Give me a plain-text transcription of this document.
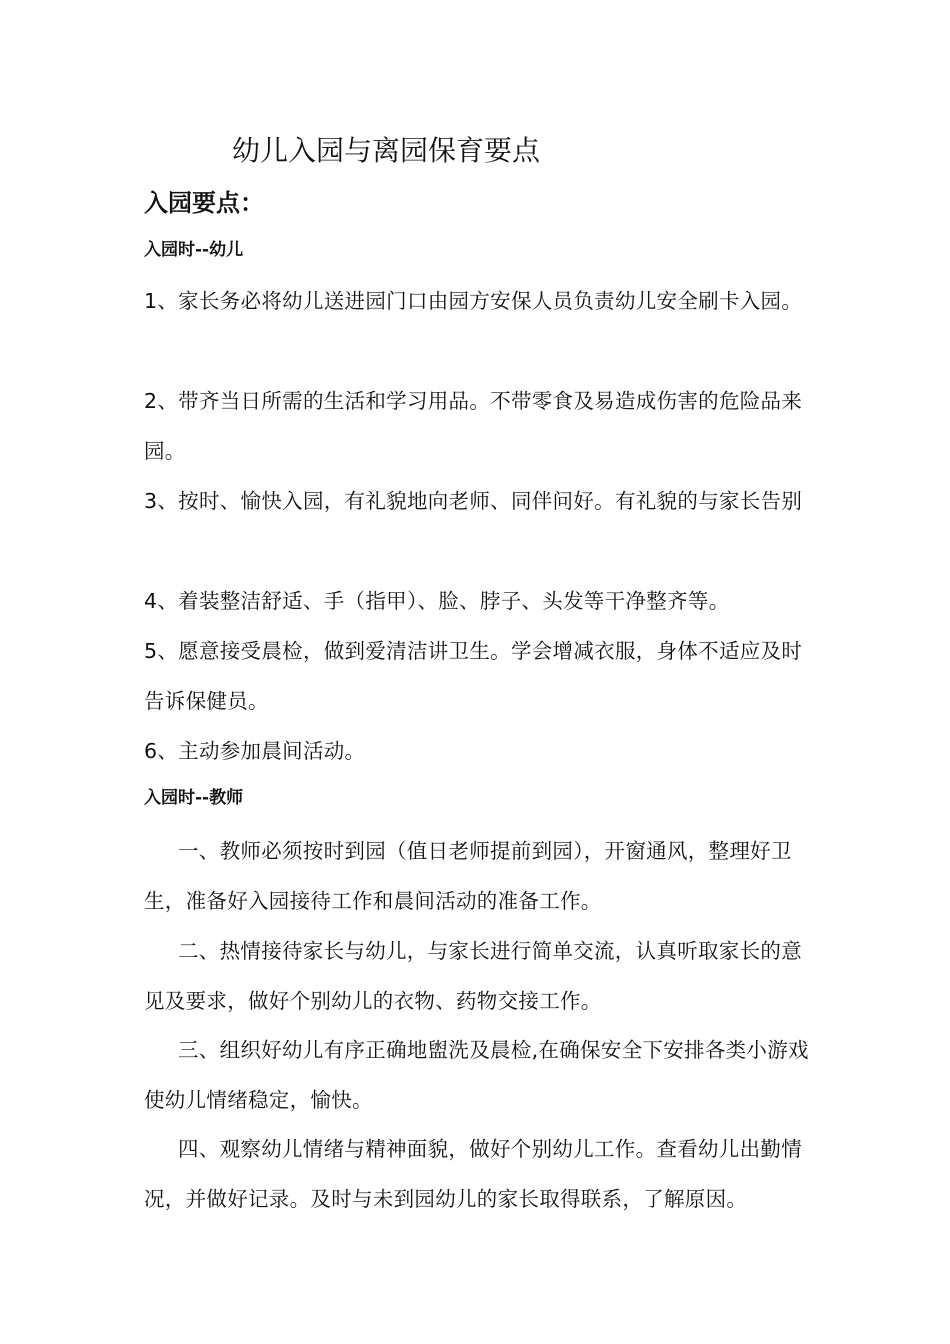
幼儿入园与离园保育要点
入园要点：
入园时--幼儿

1、家长务必将幼儿送进园门口由园方安保人员负责幼儿安全刷卡入园。

2、带齐当日所需的生活和学习用品。不带零食及易造成伤害的危险品来园。

3、按时、愉快入园，有礼貌地向老师、同伴问好。有礼貌的与家长告别

4、着装整洁舒适、手（指甲）、脸、脖子、头发等干净整齐等。

5、愿意接受晨检，做到爱清洁讲卫生。学会增减衣服，身体不适应及时告诉保健员。

6、主动参加晨间活动。

入园时--教师

一、教师必须按时到园（值日老师提前到园），开窗通风，整理好卫生，准备好入园接待工作和晨间活动的准备工作。

二、热情接待家长与幼儿，与家长进行简单交流，认真听取家长的意见及要求，做好个别幼儿的衣物、药物交接工作。

三、组织好幼儿有序正确地盥洗及晨检,在确保安全下安排各类小游戏使幼儿情绪稳定，愉快。

四、观察幼儿情绪与精神面貌，做好个别幼儿工作。查看幼儿出勤情况，并做好记录。及时与未到园幼儿的家长取得联系，了解原因。
